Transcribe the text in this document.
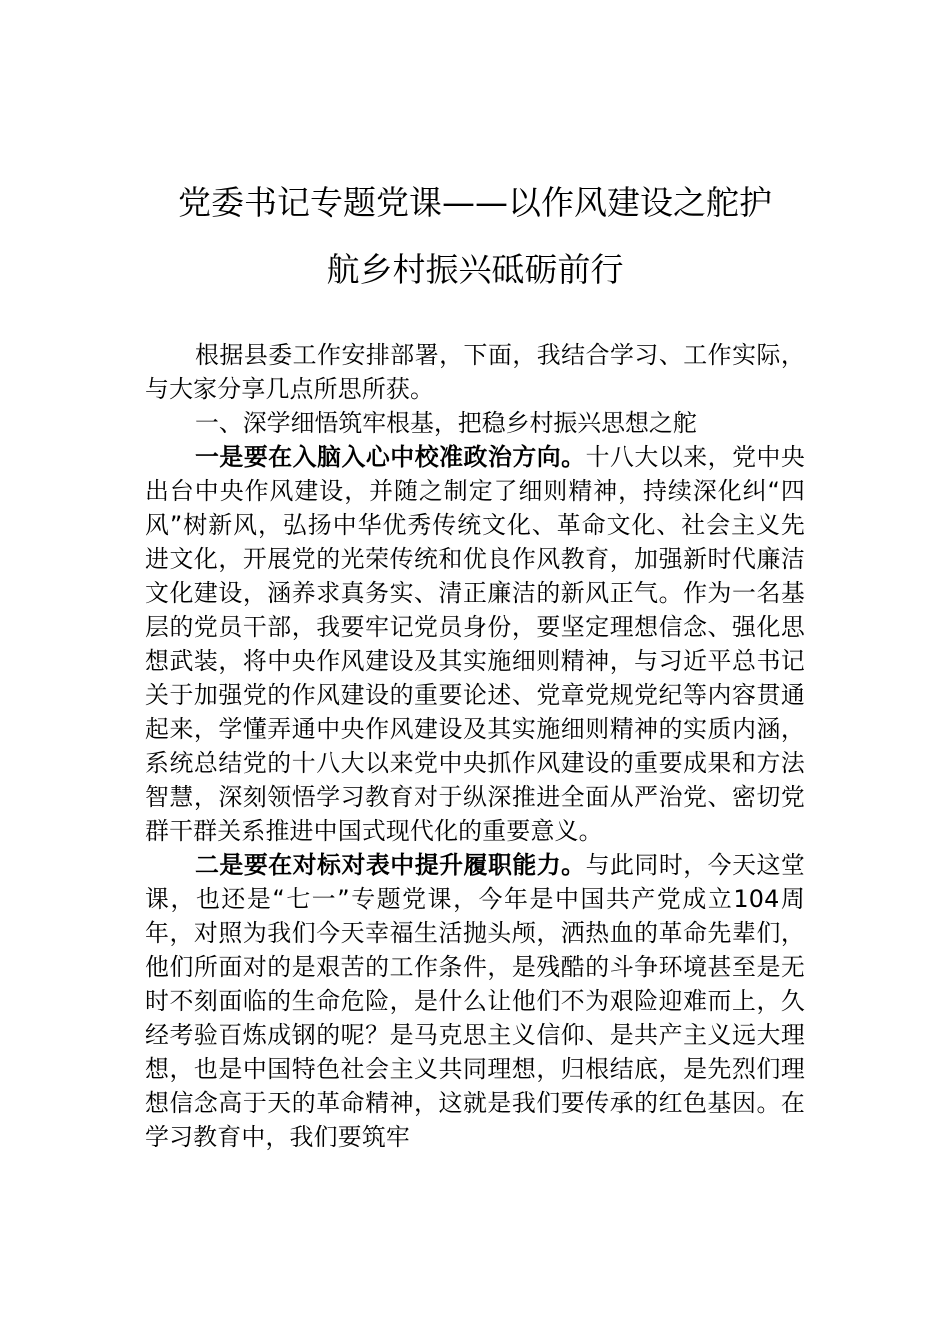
党委书记专题党课——以作风建设之舵护
航乡村振兴砥砺前行

根据县委工作安排部署，下面，我结合学习、工作实际，与大家分享几点所思所获。

一、深学细悟筑牢根基，把稳乡村振兴思想之舵

一是要在入脑入心中校准政治方向。十八大以来，党中央出台中央作风建设，并随之制定了细则精神，持续深化纠“四风”树新风，弘扬中华优秀传统文化、革命文化、社会主义先进文化，开展党的光荣传统和优良作风教育，加强新时代廉洁文化建设，涵养求真务实、清正廉洁的新风正气。作为一名基层的党员干部，我要牢记党员身份，要坚定理想信念、强化思想武装，将中央作风建设及其实施细则精神，与习近平总书记关于加强党的作风建设的重要论述、党章党规党纪等内容贯通起来，学懂弄通中央作风建设及其实施细则精神的实质内涵，系统总结党的十八大以来党中央抓作风建设的重要成果和方法智慧，深刻领悟学习教育对于纵深推进全面从严治党、密切党群干群关系推进中国式现代化的重要意义。

二是要在对标对表中提升履职能力。与此同时，今天这堂课，也还是“七一”专题党课，今年是中国共产党成立104周年，对照为我们今天幸福生活抛头颅，洒热血的革命先辈们，他们所面对的是艰苦的工作条件，是残酷的斗争环境甚至是无时不刻面临的生命危险，是什么让他们不为艰险迎难而上，久经考验百炼成钢的呢？是马克思主义信仰、是共产主义远大理想，也是中国特色社会主义共同理想，归根结底，是先烈们理想信念高于天的革命精神，这就是我们要传承的红色基因。在学习教育中，我们要筑牢
